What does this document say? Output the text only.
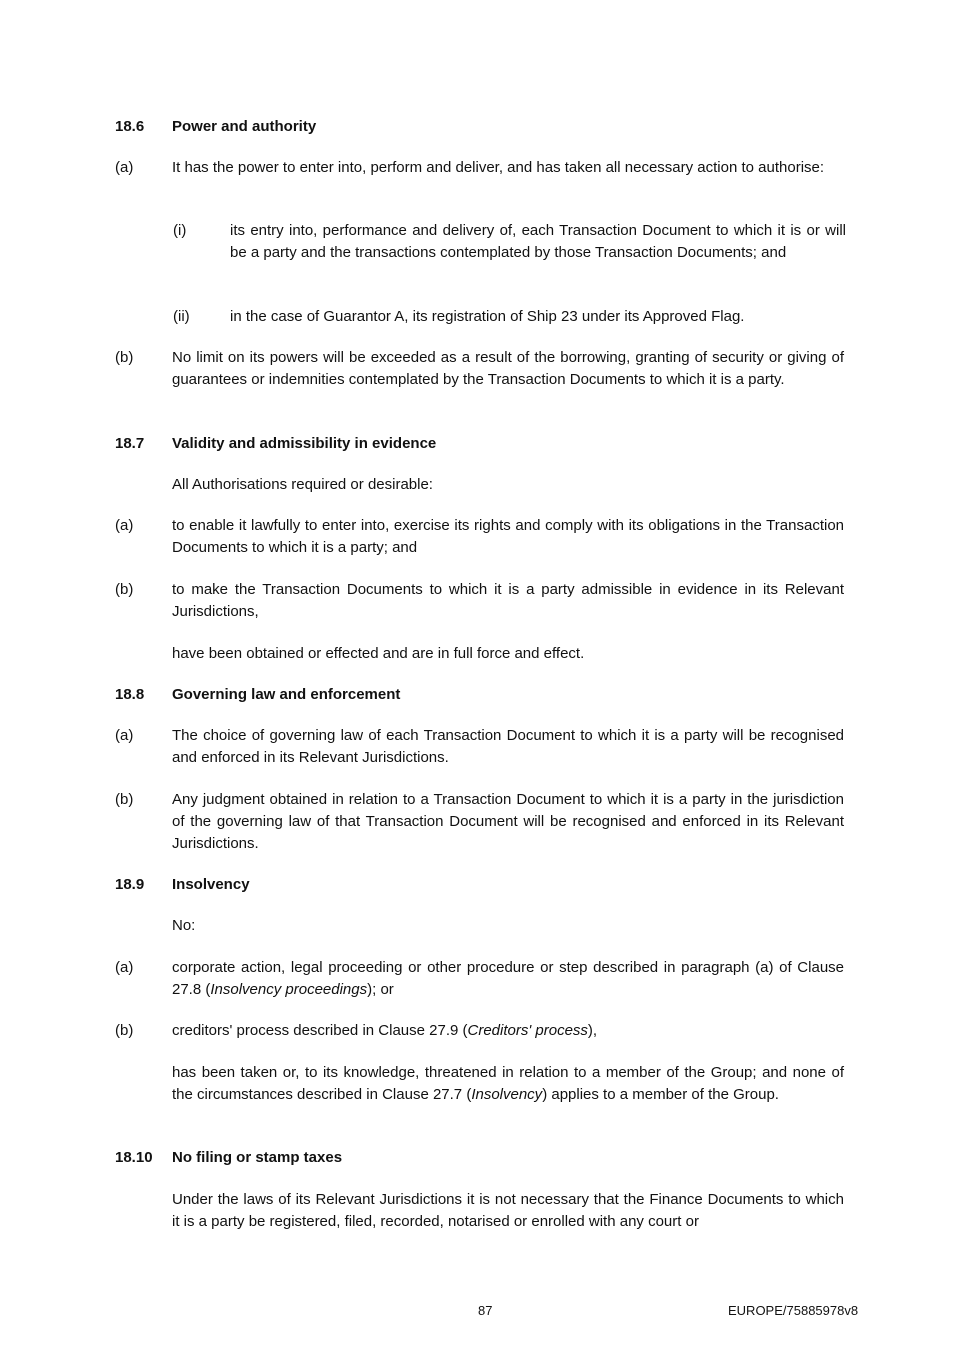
18.6 Power and authority
(a)	It has the power to enter into, perform and deliver, and has taken all necessary action to authorise:
(i)	its entry into, performance and delivery of, each Transaction Document to which it is or will be a party and the transactions contemplated by those Transaction Documents; and
(ii)	in the case of Guarantor A, its registration of Ship 23 under its Approved Flag.
(b)	No limit on its powers will be exceeded as a result of the borrowing, granting of security or giving of guarantees or indemnities contemplated by the Transaction Documents to which it is a party.
18.7 Validity and admissibility in evidence
All Authorisations required or desirable:
(a)	to enable it lawfully to enter into, exercise its rights and comply with its obligations in the Transaction Documents to which it is a party; and
(b)	to make the Transaction Documents to which it is a party admissible in evidence in its Relevant Jurisdictions,
have been obtained or effected and are in full force and effect.
18.8 Governing law and enforcement
(a)	The choice of governing law of each Transaction Document to which it is a party will be recognised and enforced in its Relevant Jurisdictions.
(b)	Any judgment obtained in relation to a Transaction Document to which it is a party in the jurisdiction of the governing law of that Transaction Document will be recognised and enforced in its Relevant Jurisdictions.
18.9 Insolvency
No:
(a)	corporate action, legal proceeding or other procedure or step described in paragraph (a) of Clause 27.8 (Insolvency proceedings); or
(b)	creditors' process described in Clause 27.9 (Creditors' process),
has been taken or, to its knowledge, threatened in relation to a member of the Group; and none of the circumstances described in Clause 27.7 (Insolvency) applies to a member of the Group.
18.10 No filing or stamp taxes
Under the laws of its Relevant Jurisdictions it is not necessary that the Finance Documents to which it is a party be registered, filed, recorded, notarised or enrolled with any court or
87	EUROPE/75885978v8
